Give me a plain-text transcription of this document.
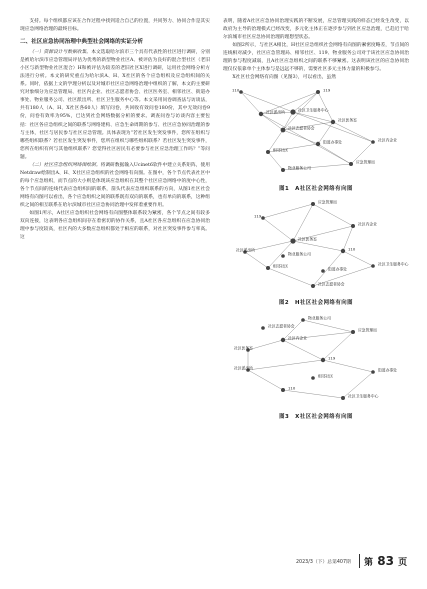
支持。每个组织都应该在合作过程中找到适合自己的位置，共同努力、协同合作是其实现应急网络治理的最终目标。

二、社区应急协同治理中典型社会网络的实证分析

（一）资源设计与数据收集。本文选取哈尔滨市三个具有代表性的社区进行调研，分别是被哈尔滨市应急管理局评估为优秀的新型物业社区A、被评估为良好的混合型社区（老旧小区与新型物业社区混合）H和被评估为较差的老旧社区X进行调研，运用社会网络分析方法进行分析。本文的研究重点为哈尔滨A、H、X社区的各个应急组织及应急组织间的关系。同时，依据上文的学理分析以及对城市社区应急网络治理中组织的了解，本文的主要研究对象细分为应急管理局、社区内企业、社区志愿者协会、社区医务室、相邻社区、街道办事处、物业服务公司、社区派出所、社区卫生服务中心等。本文采用问卷调查法与访谈法，共有180人（A、H、X社区各60人）填写问卷，共回收有效问卷180份，其中无效问卷9份，问卷有效率为95%，已达到社会网络数据分析的要求。调查问卷与访谈内容主要包括：社区各应急组织之间的联系与网络建构、应急生命周期的参与、社区应急协同治理的参与主体，社区与居民参与社区应急管理。具体表现为“若社区发生突发事件，您所在组织与哪些组织联系？若社区发生突发事件，您所在组织与哪些组织联系？若社区发生突发事件，您所在组织有何与其他组织联系？您觉得社区居民有必要参与社区应急治理工作吗？”等问题。

（二）社区应急组织网络图绘制。将调研数据输入Ucinet6软件中建立关系矩阵，使用Netdraw绘制出A、H、X社区应急组织的社会网络有向图。在图中，各个节点代表社区中的每个应急组织，而节点的大小则是体现该应急组织在其整个社区应急网络中的度中心性，各个节点间的连线代表应急组织间的联系，箭头代表应急组织联系的方向，从图1社区社会网络有向图可以看出，各个应急组织之间的联系既有双向的联系，也有单向的联系，这种组织之间的相互联系在哈尔滨城市社区应急协同治理中发挥着重要作用。

如图1所示，A社区应急组织社会网络有向图整体联系较为紧密，各个节点之间有较多双向连接，这表明各应急组织间存在着密切的协作关系，且A社区各应急组织在应急协同治理中参与度较高，社区内的大多数应急组织都处于相应的联系，对社区突发事件参与率高。这

表明，随着A社区应急协同治理实践的不断发展，应急管理实践的样态已经发生改变，以政府为主导的治理模式已经改变，多元化主体正在逐步参与到社区应急治理，已趋近于哈尔滨城市社区应急协同治理的理想型状态。

如图2所示，与社区A相比，H社区应急组织社会网络有向图的紧密度略差，节点间的连线相对减少，社区应急管理局、相邻社区、119、物业服务公司对于该社区应急协同治理的参与程度减弱，且A社区应急组织之间的联系不够紧密。这表明该社区的应急协同治理仅仅依靠单个主体参与是远远不够的，需要社区多元主体力量的积极参与。

X社区社会网络有向图（见图3），可以看出，虽然

社区派出所	社区卫生服务中心
社区志愿者协会
119
社区医务室
街道办事处
相邻社区
社区内企业
应急管理局
物业服务公司
110
图1　A社区社会网络有向图
应急管理局
119
社区内企业
社区医务室
社区派出所	110
社区卫生服务中心
相邻社区
社区志愿者协会
物业服务公司
街道办事处
图2　H社区社会网络有向图
物业服务公司
应急管理局
社区内企业
社区医务室
119
社区派出所	街道办事处
110
社区卫生服务中心
社区志愿者协会
相邻社区
图3　X社区社会网络有向图
2023/3（下）总第407期 第 83 页
